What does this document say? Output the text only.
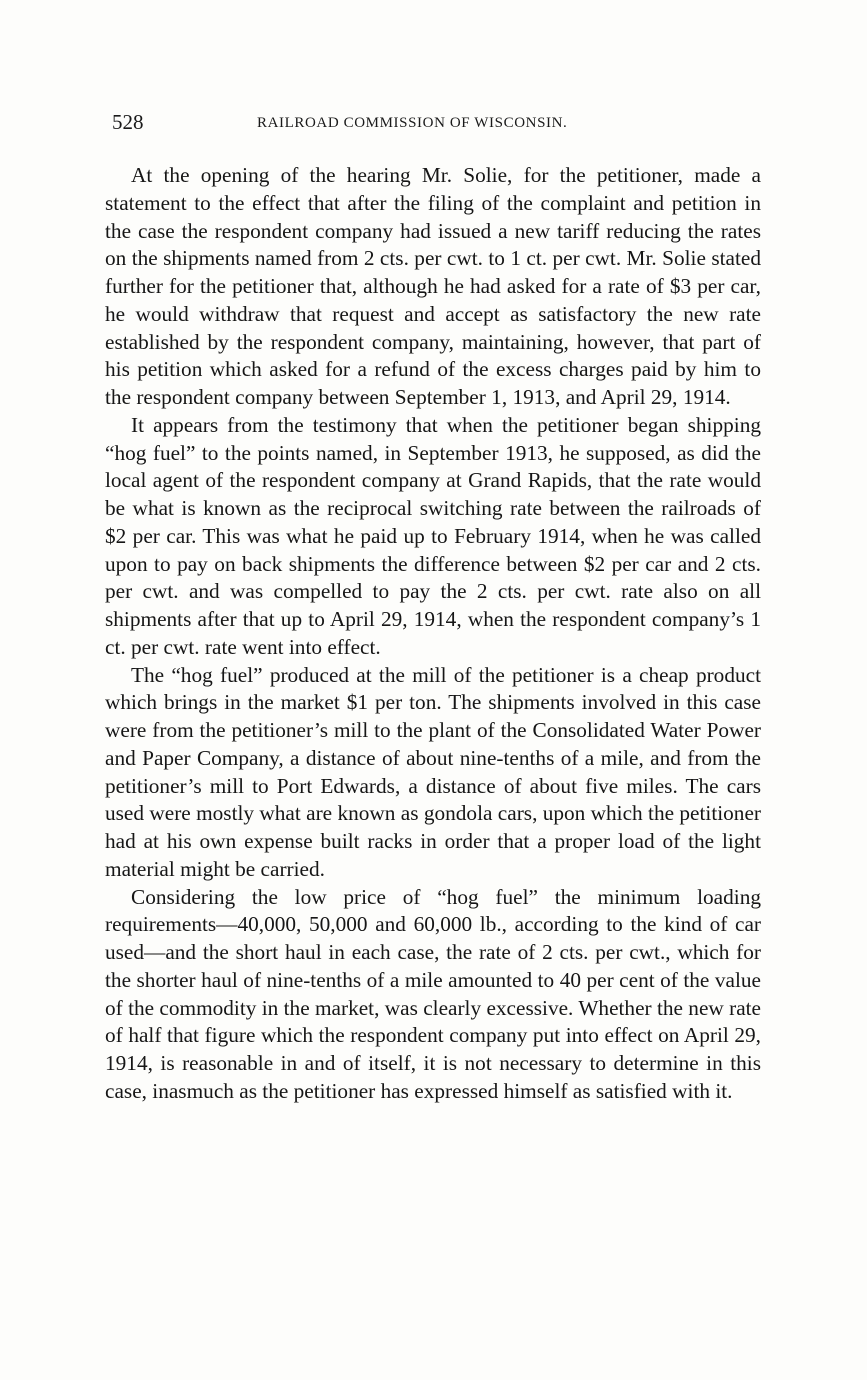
528	RAILROAD COMMISSION OF WISCONSIN.

At the opening of the hearing Mr. Solie, for the petitioner, made a statement to the effect that after the filing of the complaint and petition in the case the respondent company had issued a new tariff reducing the rates on the shipments named from 2 cts. per cwt. to 1 ct. per cwt. Mr. Solie stated further for the petitioner that, although he had asked for a rate of $3 per car, he would withdraw that request and accept as satisfactory the new rate established by the respondent company, maintaining, however, that part of his petition which asked for a refund of the excess charges paid by him to the respondent company between September 1, 1913, and April 29, 1914.

It appears from the testimony that when the petitioner began shipping “hog fuel” to the points named, in September 1913, he supposed, as did the local agent of the respondent company at Grand Rapids, that the rate would be what is known as the reciprocal switching rate between the railroads of $2 per car. This was what he paid up to February 1914, when he was called upon to pay on back shipments the difference between $2 per car and 2 cts. per cwt. and was compelled to pay the 2 cts. per cwt. rate also on all shipments after that up to April 29, 1914, when the respondent company’s 1 ct. per cwt. rate went into effect.

The “hog fuel” produced at the mill of the petitioner is a cheap product which brings in the market $1 per ton. The shipments involved in this case were from the petitioner’s mill to the plant of the Consolidated Water Power and Paper Company, a distance of about nine-tenths of a mile, and from the petitioner’s mill to Port Edwards, a distance of about five miles. The cars used were mostly what are known as gondola cars, upon which the petitioner had at his own expense built racks in order that a proper load of the light material might be carried.

Considering the low price of “hog fuel” the minimum loading requirements—40,000, 50,000 and 60,000 lb., according to the kind of car used—and the short haul in each case, the rate of 2 cts. per cwt., which for the shorter haul of nine-tenths of a mile amounted to 40 per cent of the value of the commodity in the market, was clearly excessive. Whether the new rate of half that figure which the respondent company put into effect on April 29, 1914, is reasonable in and of itself, it is not necessary to determine in this case, inasmuch as the petitioner has expressed himself as satisfied with it.
